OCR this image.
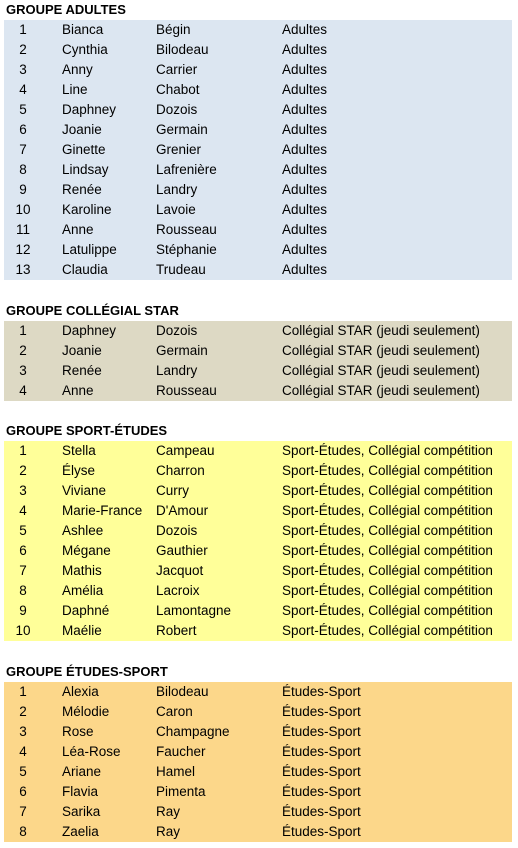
GROUPE ADULTES
1	Bianca	Bégin	Adultes
2	Cynthia	Bilodeau	Adultes
3	Anny	Carrier	Adultes
4	Line	Chabot	Adultes
5	Daphney	Dozois	Adultes
6	Joanie	Germain	Adultes
7	Ginette	Grenier	Adultes
8	Lindsay	Lafrenière	Adultes
9	Renée	Landry	Adultes
10	Karoline	Lavoie	Adultes
11	Anne	Rousseau	Adultes
12	Latulippe	Stéphanie	Adultes
13	Claudia	Trudeau	Adultes
GROUPE COLLÉGIAL STAR
1	Daphney	Dozois	Collégial STAR (jeudi seulement)
2	Joanie	Germain	Collégial STAR (jeudi seulement)
3	Renée	Landry	Collégial STAR (jeudi seulement)
4	Anne	Rousseau	Collégial STAR (jeudi seulement)
GROUPE SPORT-ÉTUDES
1	Stella	Campeau	Sport-Études, Collégial compétition
2	Élyse	Charron	Sport-Études, Collégial compétition
3	Viviane	Curry	Sport-Études, Collégial compétition
4	Marie-France D'Amour	Sport-Études, Collégial compétition
5	Ashlee	Dozois	Sport-Études, Collégial compétition
6	Mégane	Gauthier	Sport-Études, Collégial compétition
7	Mathis	Jacquot	Sport-Études, Collégial compétition
8	Amélia	Lacroix	Sport-Études, Collégial compétition
9	Daphné	Lamontagne	Sport-Études, Collégial compétition
10	Maélie	Robert	Sport-Études, Collégial compétition
GROUPE ÉTUDES-SPORT
1	Alexia	Bilodeau	Études-Sport
2	Mélodie	Caron	Études-Sport
3	Rose	Champagne	Études-Sport
4	Léa-Rose	Faucher	Études-Sport
5	Ariane	Hamel	Études-Sport
6	Flavia	Pimenta	Études-Sport
7	Sarika	Ray	Études-Sport
8	Zaelia	Ray	Études-Sport
